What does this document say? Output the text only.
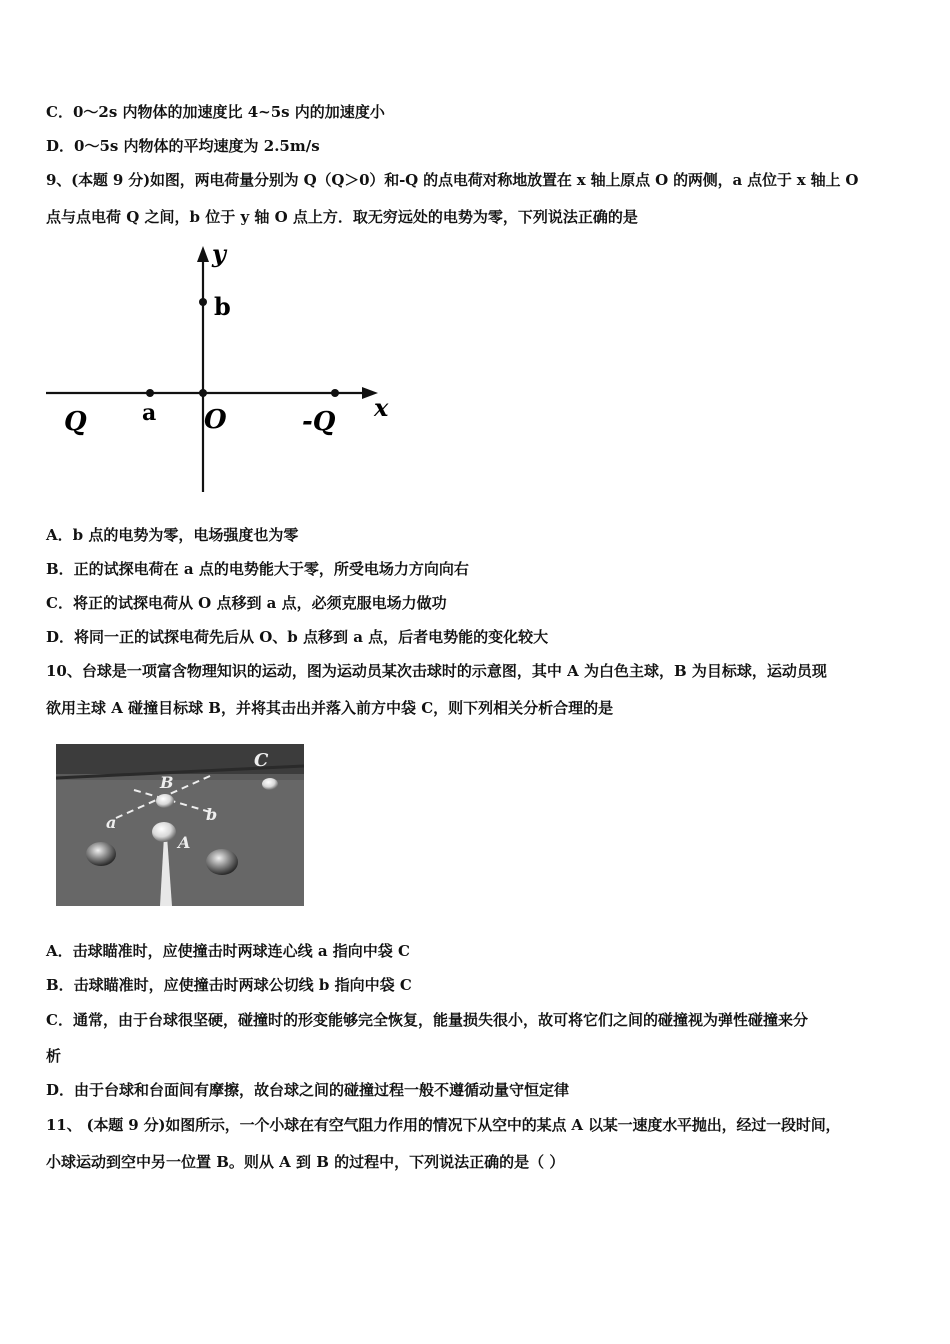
C．0～2s 内物体的加速度比 4~5s 内的加速度小
D．0～5s 内物体的平均速度为 2.5m/s
9、(本题 9 分)如图，两电荷量分别为 Q（Q＞0）和-Q 的点电荷对称地放置在 x 轴上原点 O 的两侧，a 点位于 x 轴上 O
点与点电荷 Q 之间，b 位于 y 轴 O 点上方．取无穷远处的电势为零，下列说法正确的是
y
x
b
Q	a O	-Q
A．b 点的电势为零，电场强度也为零
B．正的试探电荷在 a 点的电势能大于零，所受电场力方向向右
C．将正的试探电荷从 O 点移到 a 点，必须克服电场力做功
D．将同一正的试探电荷先后从 O、b 点移到 a 点，后者电势能的变化较大
10、台球是一项富含物理知识的运动，图为运动员某次击球时的示意图，其中 A 为白色主球，B 为目标球，运动员现
欲用主球 A 碰撞目标球 B，并将其击出并落入前方中袋 C，则下列相关分析合理的是
C
B
a	b
A
A．击球瞄准时，应使撞击时两球连心线 a 指向中袋 C
B．击球瞄准时，应使撞击时两球公切线 b 指向中袋 C
C．通常，由于台球很坚硬，碰撞时的形变能够完全恢复，能量损失很小，故可将它们之间的碰撞视为弹性碰撞来分
析
D．由于台球和台面间有摩擦，故台球之间的碰撞过程一般不遵循动量守恒定律
11、 (本题 9 分)如图所示，一个小球在有空气阻力作用的情况下从空中的某点 A 以某一速度水平抛出，经过一段时间，
小球运动到空中另一位置 B。则从 A 到 B 的过程中，下列说法正确的是（ ）
